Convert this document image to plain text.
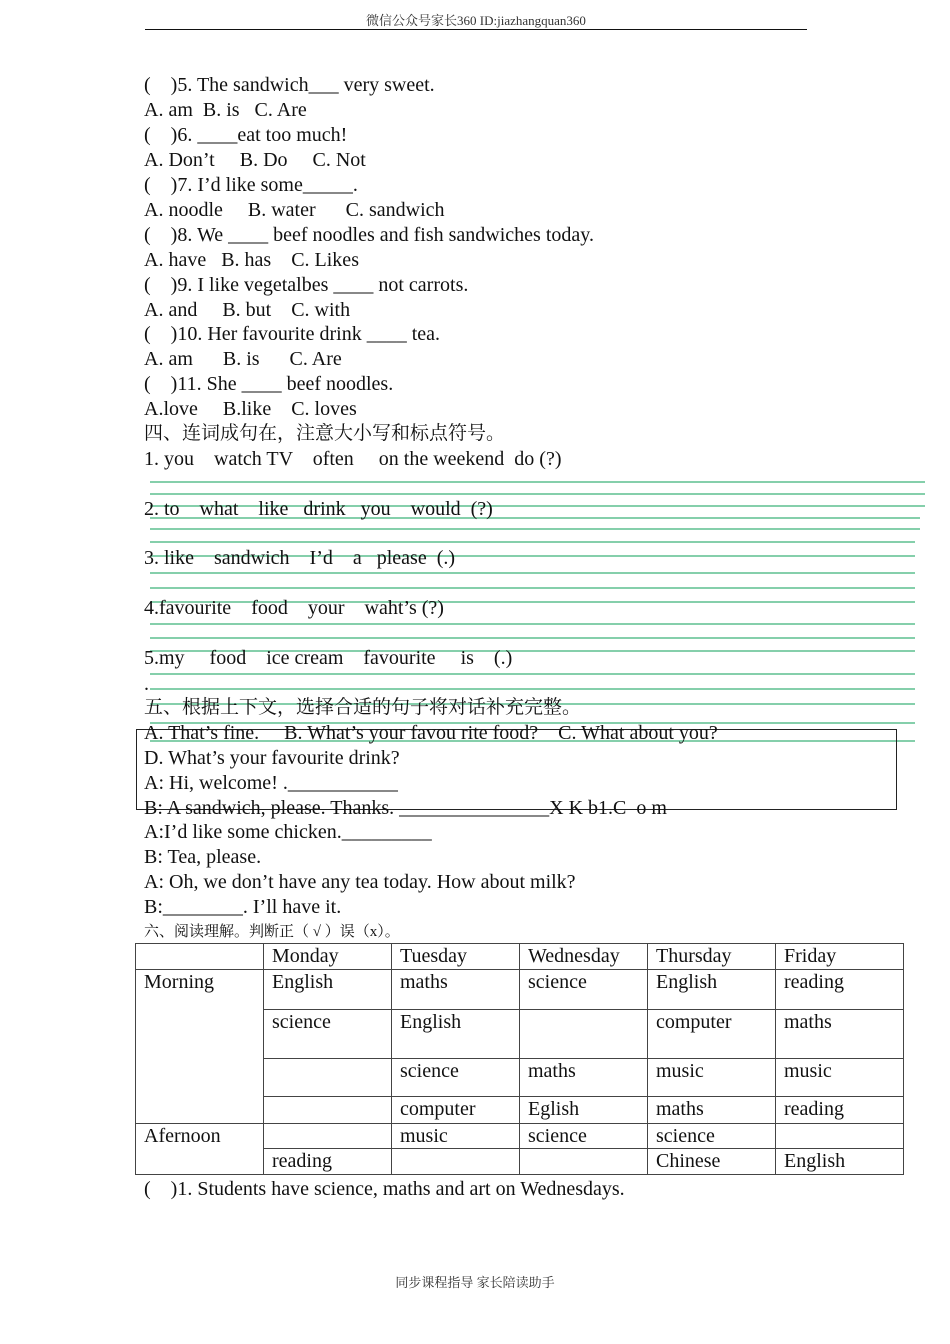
微信公众号家长360 ID:jiazhangquan360
(    )5. The sandwich___ very sweet.
A. am  B. is   C. Are
(    )6. ____eat too much!
A. Don’t     B. Do     C. Not
(    )7. I’d like some_____.
A. noodle     B. water      C. sandwich
(    )8. We ____ beef noodles and fish sandwiches today.
A. have   B. has    C. Likes
(    )9. I like vegetalbes ____ not carrots.
A. and     B. but    C. with
(    )10. Her favourite drink ____ tea.
A. am      B. is      C. Are
(    )11. She ____ beef noodles.
A.love     B.like    C. loves
四、连词成句在，注意大小写和标点符号。
1. you    watch TV    often     on the weekend  do (?)
2. to    what    like   drink   you    would  (?)
3. like    sandwich    I’d    a   please  (.)
4.favourite    food    your    waht’s (?)
5.my     food    ice cream    favourite     is    (.)
.
五、根据上下文，选择合适的句子将对话补充完整。
A. That’s fine.     B. What’s your favou rite food?    C. What about you?
D. What’s your favourite drink?
A: Hi, welcome! .___________
B: A sandwich, please. Thanks. _______________X K b1.C  o m
A:I’d like some chicken._________
B: Tea, please.
A: Oh, we don’t have any tea today. How about milk?
B:________. I’ll have it.
六、阅读理解。判断正（ √ ）误（x）。
	Monday	Tuesday	Wednesday	Thursday	Friday
Morning	English	maths	science	English	reading
	science	English		computer	maths
		science	maths	music	music
		computer	Eglish	maths	reading
Afernoon		music	science	science	
	reading			Chinese	English
(    )1. Students have science, maths and art on Wednesdays.
同步课程指导 家长陪读助手
